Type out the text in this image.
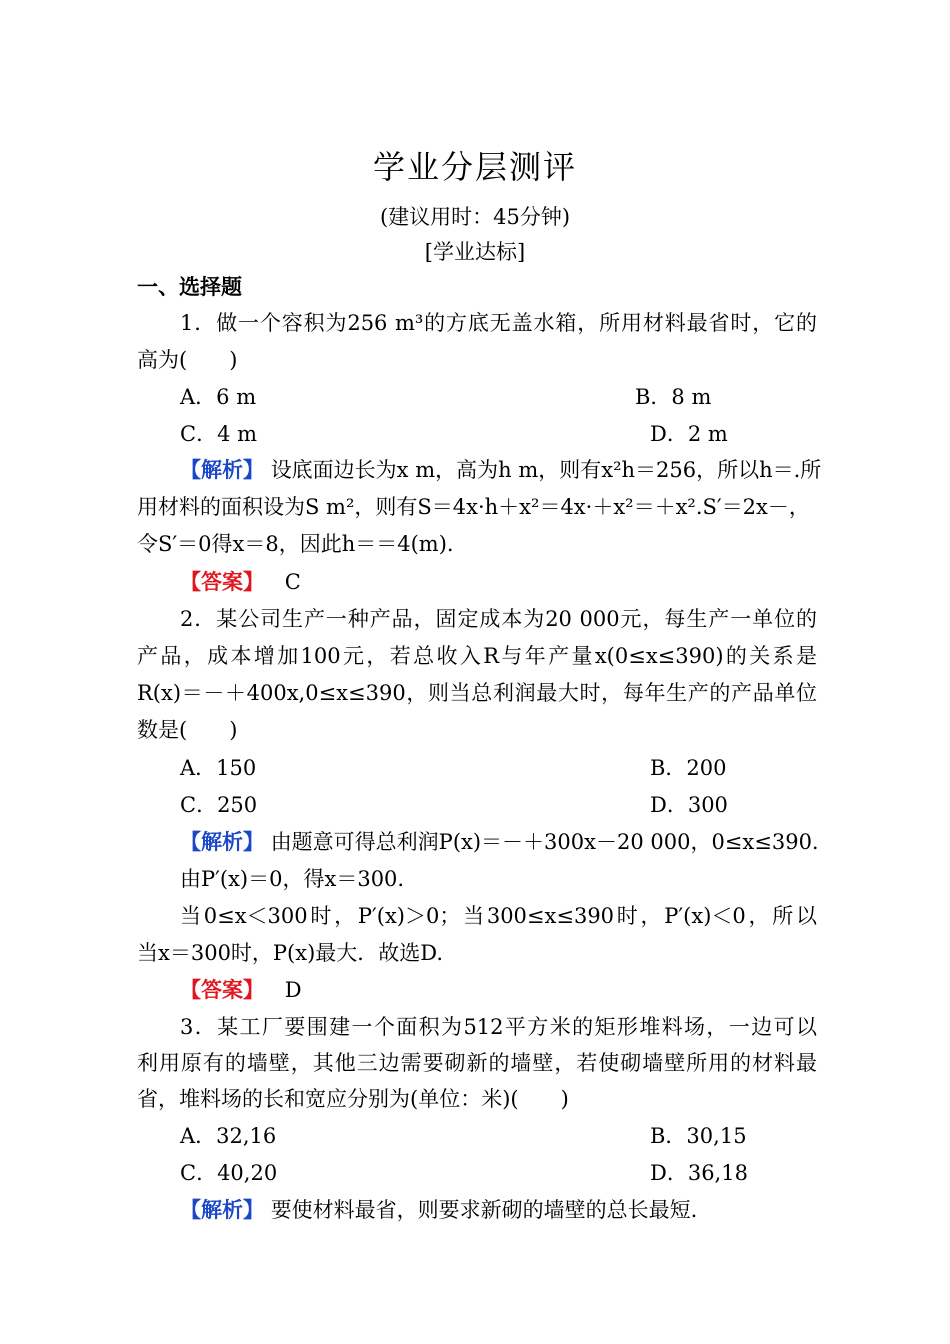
学业分层测评
(建议用时：45分钟)
[学业达标]
一、选择题
1．做一个容积为256 m³的方底无盖水箱，所用材料最省时，它的
高为(　　)
A．6 m	B．8 m
C．4 m	D．2 m
【解析】 设底面边长为x m，高为h m，则有x²h＝256，所以h＝.所
用材料的面积设为S m²，则有S＝4x·h＋x²＝4x·＋x²＝＋x².S′＝2x－，
令S′＝0得x＝8，因此h＝＝4(m).
【答案】 C
2．某公司生产一种产品，固定成本为20 000元，每生产一单位的
产品，成本增加100元，若总收入R与年产量x(0≤x≤390)的关系是
R(x)＝－＋400x,0≤x≤390，则当总利润最大时，每年生产的产品单位
数是(　　)
A．150	B．200
C．250	D．300
【解析】 由题意可得总利润P(x)＝－＋300x－20 000，0≤x≤390.
由P′(x)＝0，得x＝300.
当0≤x＜300时，P′(x)＞0；当300≤x≤390时，P′(x)＜0，所以
当x＝300时，P(x)最大．故选D.
【答案】 D
3．某工厂要围建一个面积为512平方米的矩形堆料场，一边可以
利用原有的墙壁，其他三边需要砌新的墙壁，若使砌墙壁所用的材料最
省，堆料场的长和宽应分别为(单位：米)(　　)
A．32,16	B．30,15
C．40,20	D．36,18
【解析】 要使材料最省，则要求新砌的墙壁的总长最短.
